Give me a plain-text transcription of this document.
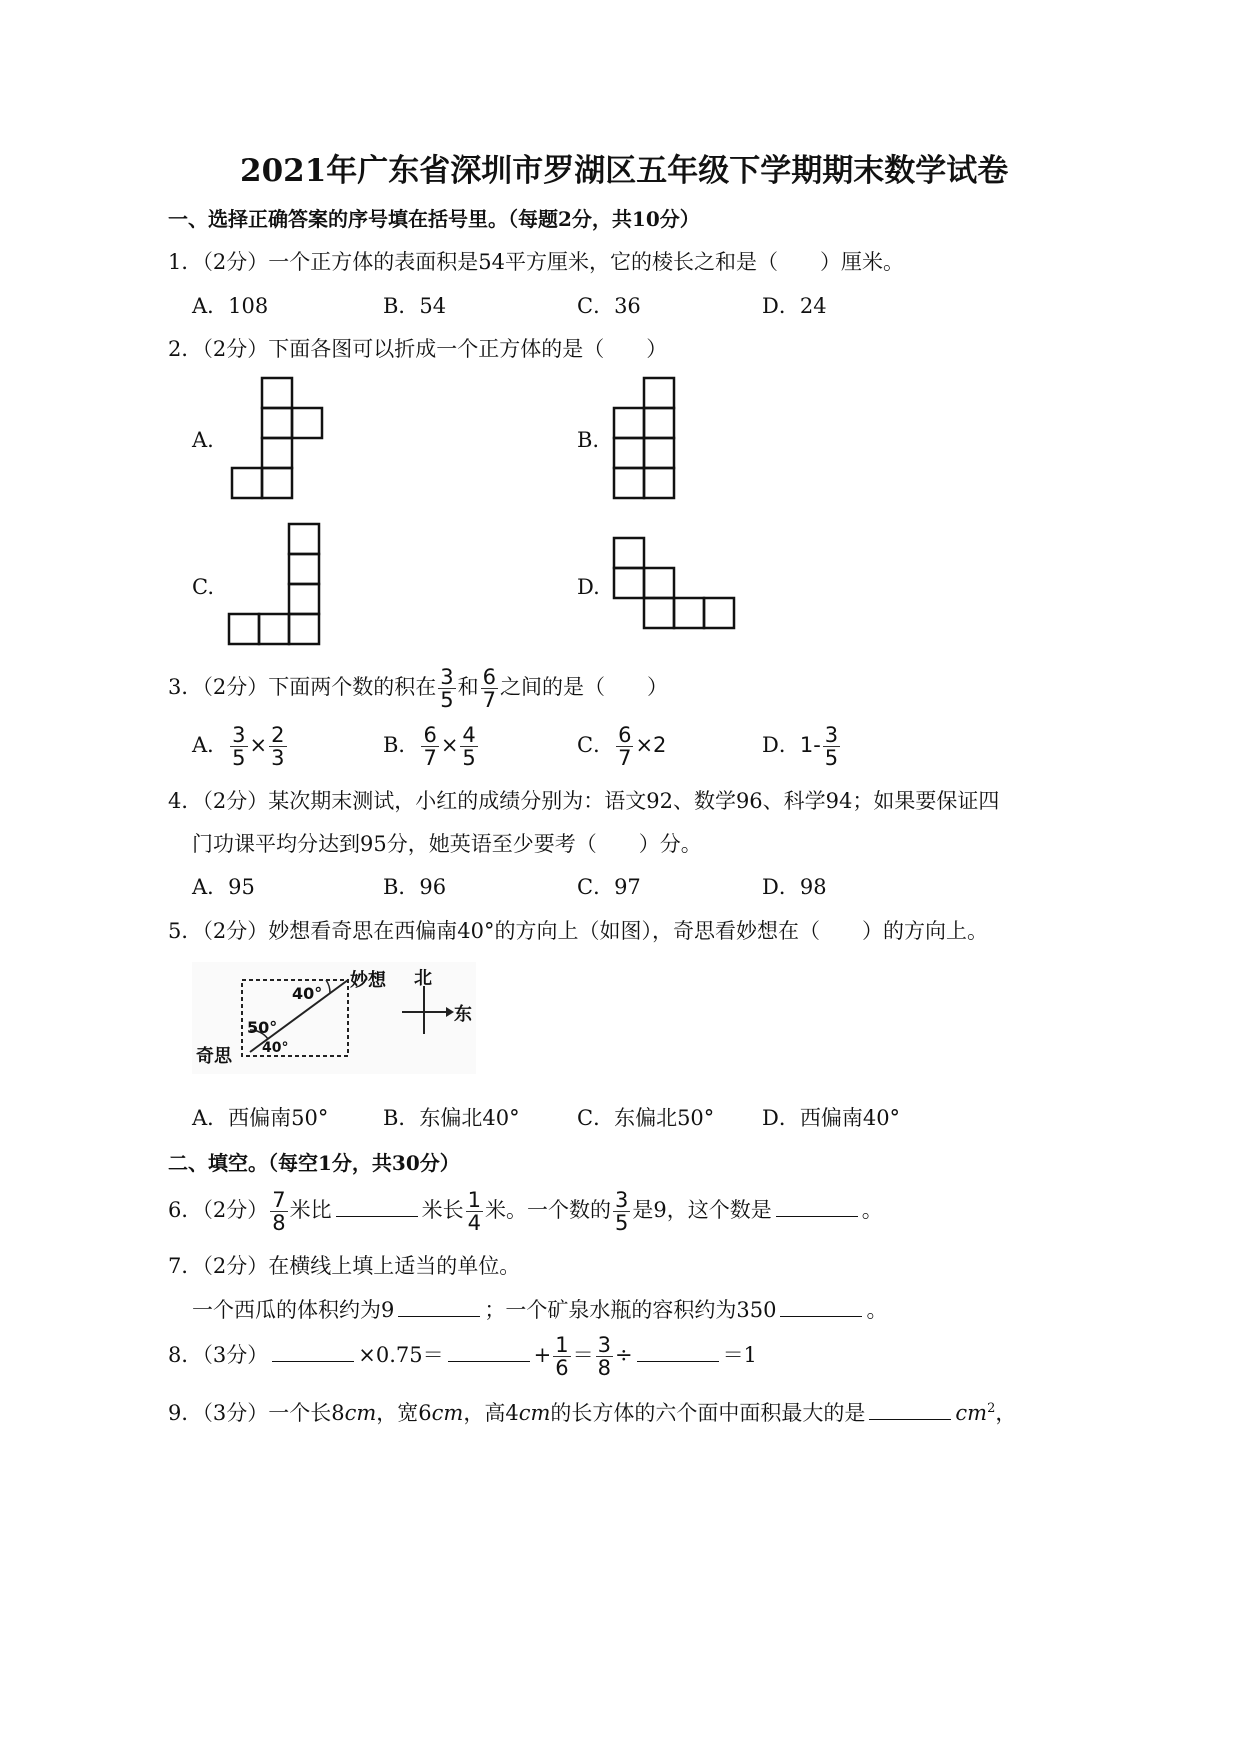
2021年广东省深圳市罗湖区五年级下学期期末数学试卷
一、选择正确答案的序号填在括号里。（每题2分，共10分）
1．（2分）一个正方体的表面积是54平方厘米，它的棱长之和是（　　）厘米。
A．108	B．54	C．36	D．24
2．（2分）下面各图可以折成一个正方体的是（　　）
A.	B.
C.	D.
3．（2分）下面两个数的积在 $\frac{3}{5}$ 和 $\frac{6}{7}$ 之间的是（　　）
A． $\frac{3}{5} \times \frac{2}{3}$	B． $\frac{6}{7} \times \frac{4}{5}$	C． $\frac{6}{7} \times 2$	D．$1- \frac{3}{5}$
4．（2分）某次期末测试，小红的成绩分别为：语文92、数学96、科学94；如果要保证四
门功课平均分达到95分，她英语至少要考（　　）分。
A．95	B．96	C．97	D．98
5．（2分）妙想看奇思在西偏南40°的方向上（如图），奇思看妙想在（　　）的方向上。
40°
50°
40°
妙想
奇思
北
东
A．西偏南50°	B．东偏北40°	C．东偏北50° D．西偏南40°
二、填空。（每空1分，共30分）
6．（2分） $\frac{7}{8}$ 米比	米长 $\frac{1}{4}$ 米。一个数的 $\frac{3}{5}$ 是9，这个数是	。
7．（2分）在横线上填上适当的单位。
一个西瓜的体积约为9	；一个矿泉水瓶的容积约为350	。
8．（3分）	×0.75＝	+ $\frac{1}{6} = \frac{3}{8}$ ÷	＝1
9．（3分）一个长8cm，宽6cm，高4cm的长方体的六个面中面积最大的是	$cm^2$，
